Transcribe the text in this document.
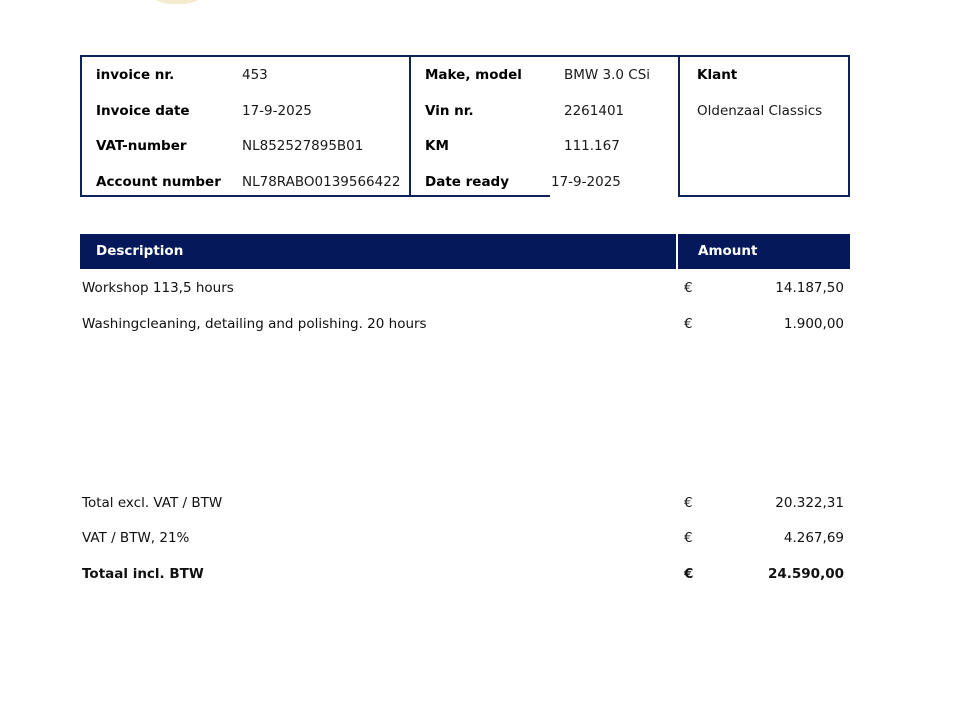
invoice nr.	453
Invoice date	17-9-2025
VAT-number	NL852527895B01
Account number NL78RABO0139566422
Make, model	BMW 3.0 CSi
Vin nr.	2261401
KM	111.167
Date ready	17-9-2025
Klant
Oldenzaal Classics
Description	Amount
Workshop 113,5 hours	€	14.187,50
Washingcleaning, detailing and polishing. 20 hours	€	1.900,00
Total excl. VAT / BTW	€	20.322,31
VAT / BTW, 21%	€	4.267,69
Totaal incl. BTW	€	24.590,00
